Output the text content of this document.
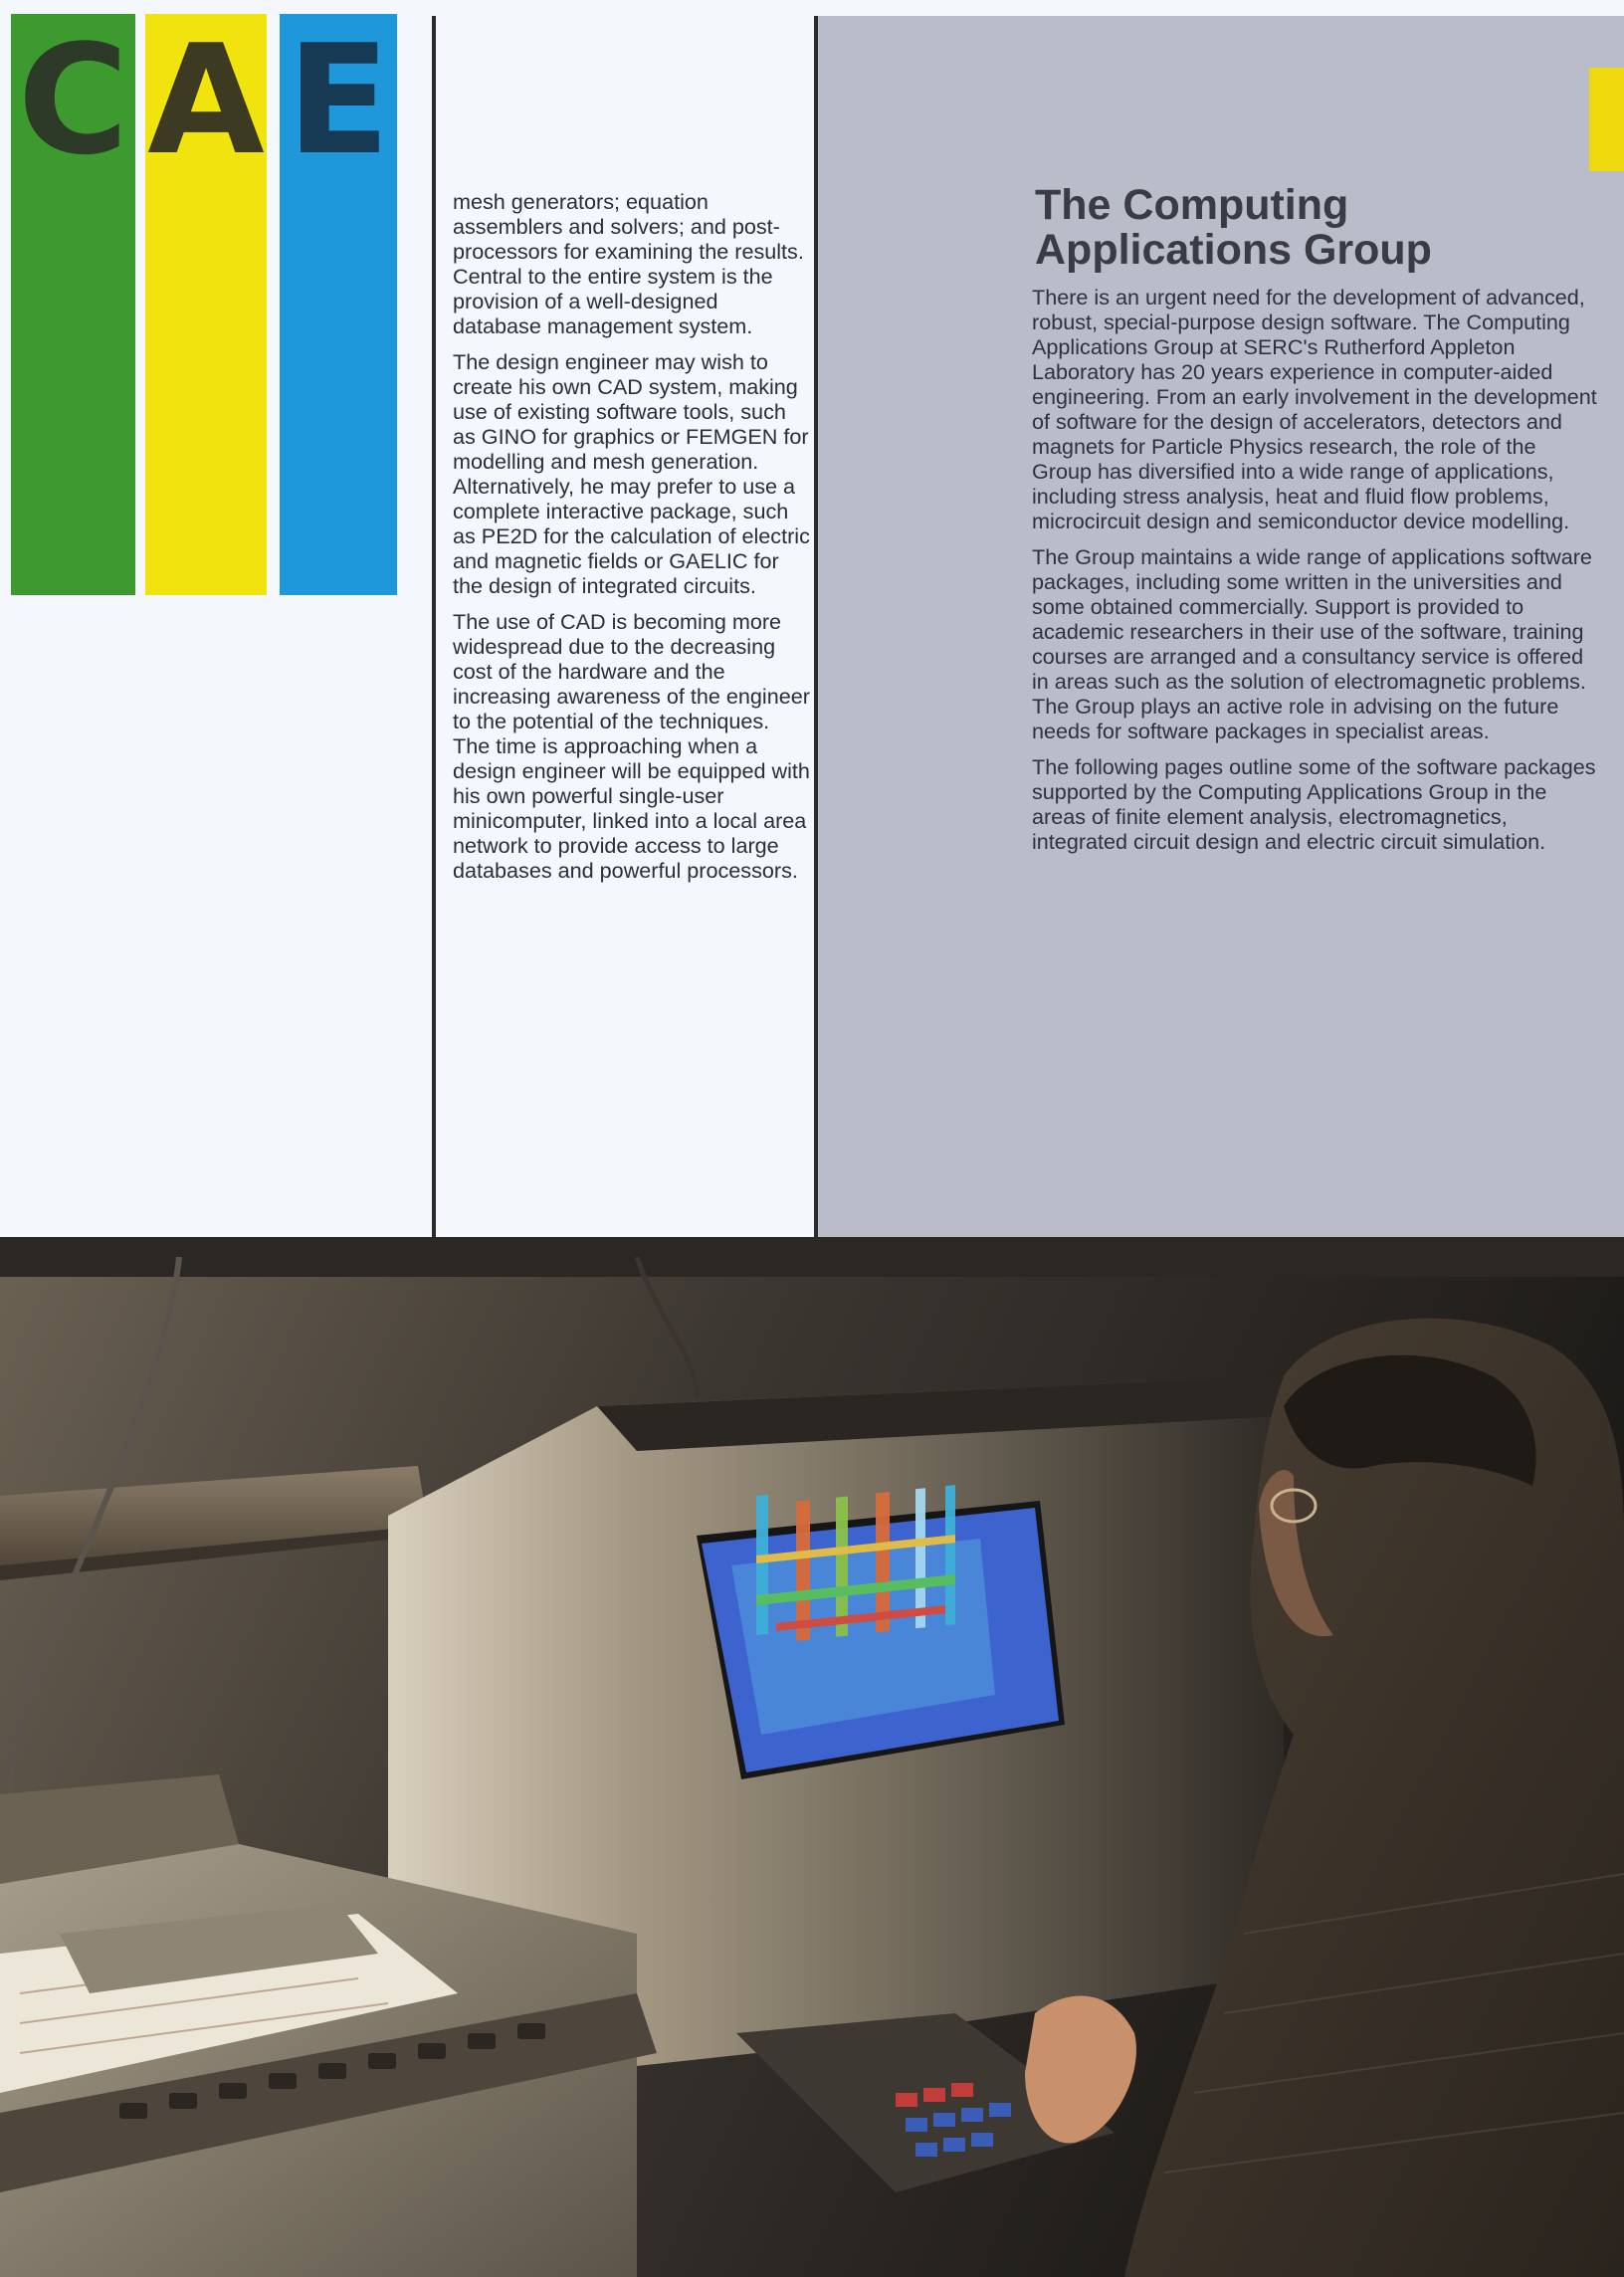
C A E

mesh generators; equation assemblers and solvers; and post-processors for examining the results. Central to the entire system is the provision of a well-designed database management system.

The design engineer may wish to create his own CAD system, making use of existing software tools, such as GINO for graphics or FEMGEN for modelling and mesh generation. Alternatively, he may prefer to use a complete interactive package, such as PE2D for the calculation of electric and magnetic fields or GAELIC for the design of integrated circuits.

The use of CAD is becoming more widespread due to the decreasing cost of the hardware and the increasing awareness of the engineer to the potential of the techniques. The time is approaching when a design engineer will be equipped with his own powerful single-user minicomputer, linked into a local area network to provide access to large databases and powerful processors.

The Computing
Applications Group

There is an urgent need for the development of advanced, robust, special-purpose design software. The Computing Applications Group at SERC's Rutherford Appleton Laboratory has 20 years experience in computer-aided engineering. From an early involvement in the development of software for the design of accelerators, detectors and magnets for Particle Physics research, the role of the Group has diversified into a wide range of applications, including stress analysis, heat and fluid flow problems, microcircuit design and semiconductor device modelling.

The Group maintains a wide range of applications software packages, including some written in the universities and some obtained commercially. Support is provided to academic researchers in their use of the software, training courses are arranged and a consultancy service is offered in areas such as the solution of electromagnetic problems. The Group plays an active role in advising on the future needs for software packages in specialist areas.

The following pages outline some of the software packages supported by the Computing Applications Group in the areas of finite element analysis, electromagnetics, integrated circuit design and electric circuit simulation.
